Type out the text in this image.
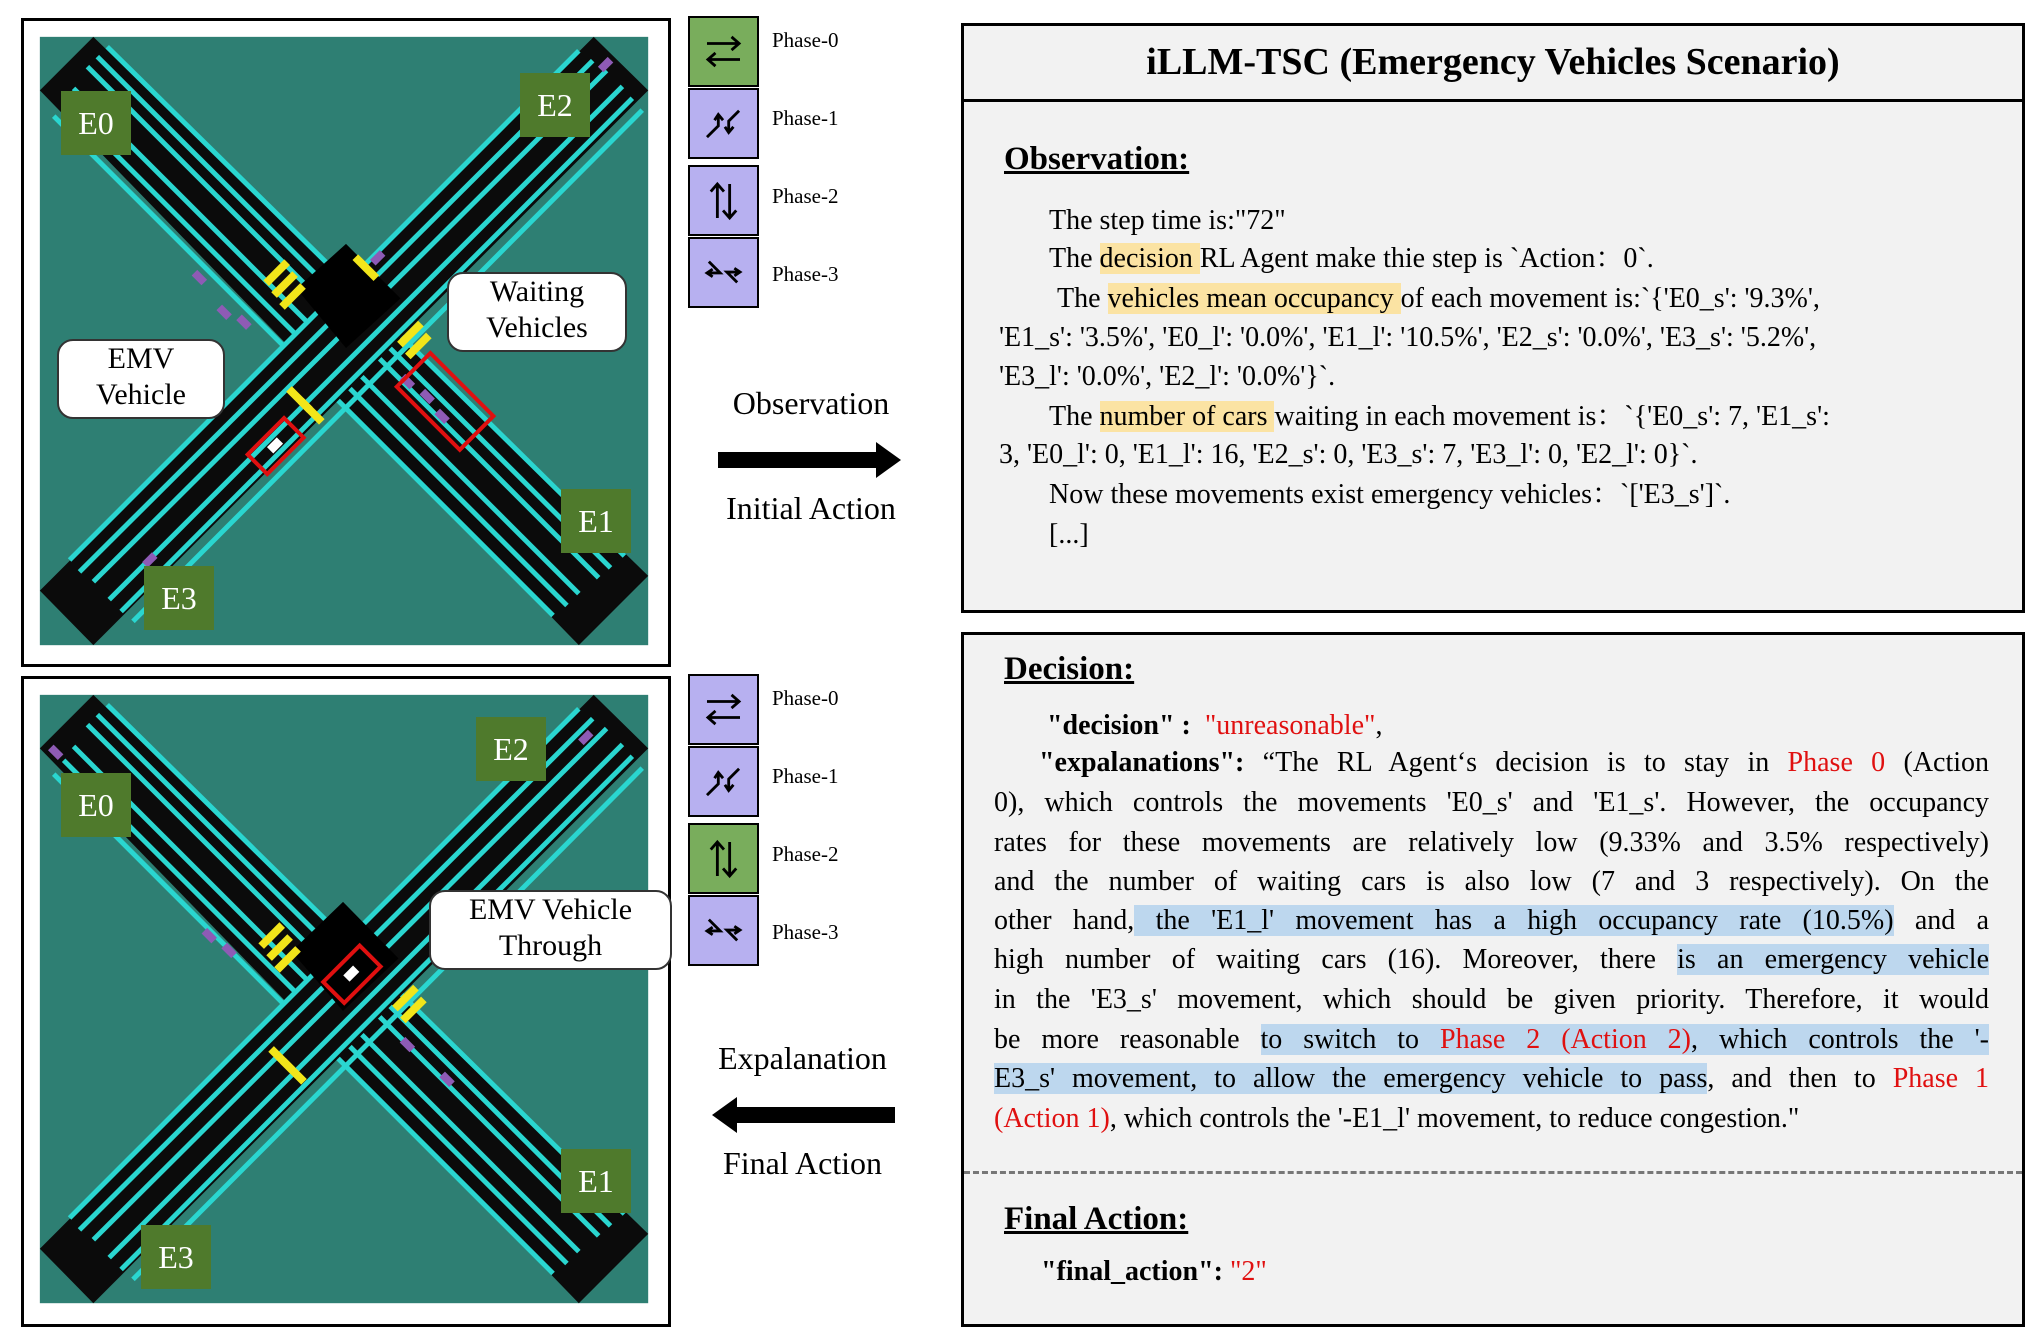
E0	E2
E1
E3
Waiting
Vehicles
EMV
Vehicle
E0
E2
E1
E3
EMV Vehicle
Through
Phase-0
Phase-1
Phase-2
Phase-3
Phase-0
Phase-1
Phase-2
Phase-3
Observation
Initial Action
Expalanation
Final Action
iLLM-TSC (Emergency Vehicles Scenario)
Observation:
The step time is:"72"
The decision RL Agent make thie step is `Action：0`.
The vehicles mean occupancy of each movement is:`{'E0_s': '9.3%',
'E1_s': '3.5%', 'E0_l': '0.0%', 'E1_l': '10.5%', 'E2_s': '0.0%', 'E3_s': '5.2%',
'E3_l': '0.0%', 'E2_l': '0.0%'}`.
The number of cars waiting in each movement is：`{'E0_s': 7, 'E1_s':
3, 'E0_l': 0, 'E1_l': 16, 'E2_s': 0, 'E3_s': 7, 'E3_l': 0, 'E2_l': 0}`.
Now these movements exist emergency vehicles：`['E3_s']`.
[...]
Decision:
"decision" : "unreasonable",
"expalanations": “The RL Agent‘s decision is to stay in Phase 0 (Action
0), which controls the movements 'E0_s' and 'E1_s'. However, the occupancy
rates for these movements are relatively low (9.33% and 3.5% respectively)
and the number of waiting cars is also low (7 and 3 respectively). On the
other hand, the 'E1_l' movement has a high occupancy rate (10.5%) and a
high number of waiting cars (16). Moreover, there is an emergency vehicle
in the 'E3_s' movement, which should be given priority. Therefore, it would
be more reasonable to switch to Phase 2 (Action 2), which controls the '-
E3_s' movement, to allow the emergency vehicle to pass, and then to Phase 1
(Action 1), which controls the '-E1_l' movement, to reduce congestion."
Final Action:
"final_action": "2"
